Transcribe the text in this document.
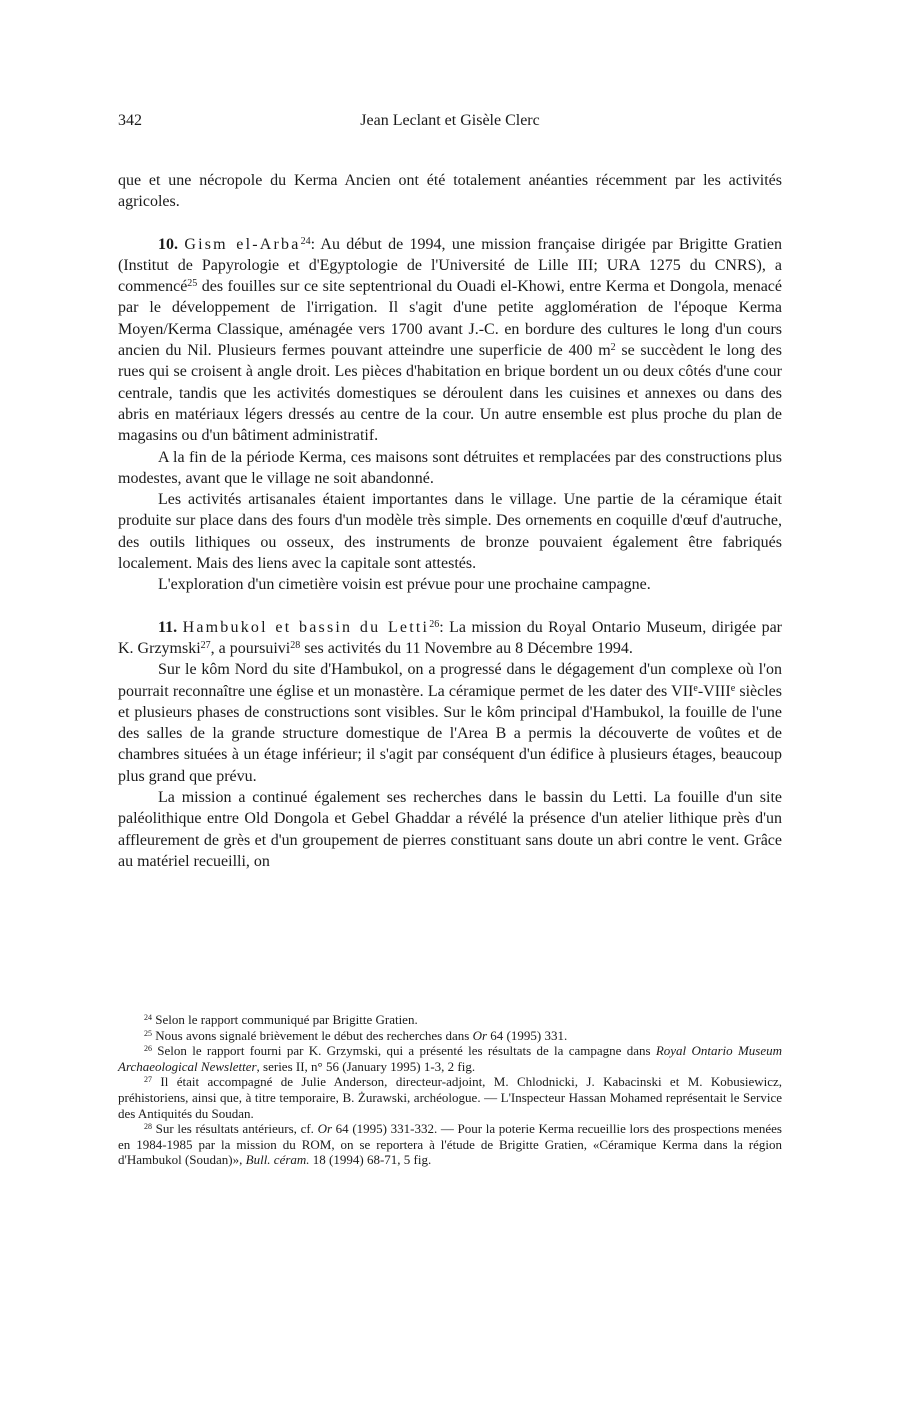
342	Jean Leclant et Gisèle Clerc

que et une nécropole du Kerma Ancien ont été totalement anéanties récemment par les activités agricoles.

10. Gism el-Arba$^{24}$: Au début de 1994, une mission française dirigée par Brigitte Gratien (Institut de Papyrologie et d'Egyptologie de l'Université de Lille III; URA 1275 du CNRS), a commencé$^{25}$ des fouilles sur ce site septentrional du Ouadi el-Khowi, entre Kerma et Dongola, menacé par le développement de l'irrigation. Il s'agit d'une petite agglomération de l'époque Kerma Moyen/Kerma Classique, aménagée vers 1700 avant J.-C. en bordure des cultures le long d'un cours ancien du Nil. Plusieurs fermes pouvant atteindre une superficie de 400 $m^2$ se succèdent le long des rues qui se croisent à angle droit. Les pièces d'habitation en brique bordent un ou deux côtés d'une cour centrale, tandis que les activités domestiques se déroulent dans les cuisines et annexes ou dans des abris en matériaux légers dressés au centre de la cour. Un autre ensemble est plus proche du plan de magasins ou d'un bâtiment administratif.

A la fin de la période Kerma, ces maisons sont détruites et remplacées par des constructions plus modestes, avant que le village ne soit abandonné.

Les activités artisanales étaient importantes dans le village. Une partie de la céramique était produite sur place dans des fours d'un modèle très simple. Des ornements en coquille d'œuf d'autruche, des outils lithiques ou osseux, des instruments de bronze pouvaient également être fabriqués localement. Mais des liens avec la capitale sont attestés.

L'exploration d'un cimetière voisin est prévue pour une prochaine campagne.

11. Hambukol et bassin du Letti$^{26}$: La mission du Royal Ontario Museum, dirigée par K. Grzymski$^{27}$, a poursuivi$^{28}$ ses activités du 11 Novembre au 8 Décembre 1994.

Sur le kôm Nord du site d'Hambukol, on a progressé dans le dégagement d'un complexe où l'on pourrait reconnaître une église et un monastère. La céramique permet de les dater des VIIe-VIIIe siècles et plusieurs phases de constructions sont visibles. Sur le kôm principal d'Hambukol, la fouille de l'une des salles de la grande structure domestique de l'Area B a permis la découverte de voûtes et de chambres situées à un étage inférieur; il s'agit par conséquent d'un édifice à plusieurs étages, beaucoup plus grand que prévu.

La mission a continué également ses recherches dans le bassin du Letti. La fouille d'un site paléolithique entre Old Dongola et Gebel Ghaddar a révélé la présence d'un atelier lithique près d'un affleurement de grès et d'un groupement de pierres constituant sans doute un abri contre le vent. Grâce au matériel recueilli, on

$^{24}$ Selon le rapport communiqué par Brigitte Gratien.

$^{25}$ Nous avons signalé brièvement le début des recherches dans Or 64 (1995) 331.

$^{26}$ Selon le rapport fourni par K. Grzymski, qui a présenté les résultats de la campagne dans Royal Ontario Museum Archaeological Newsletter, series II, n° 56 (January 1995) 1-3, 2 fig.

$^{27}$ Il était accompagné de Julie Anderson, directeur-adjoint, M. Chlodnicki, J. Kabacinski et M. Kobusiewicz, préhistoriens, ainsi que, à titre temporaire, B. Żurawski, archéologue. — L'Inspecteur Hassan Mohamed représentait le Service des Antiquités du Soudan.

$^{28}$ Sur les résultats antérieurs, cf. Or 64 (1995) 331-332. — Pour la poterie Kerma recueillie lors des prospections menées en 1984-1985 par la mission du ROM, on se reportera à l'étude de Brigitte Gratien, «Céramique Kerma dans la région d'Hambukol (Soudan)», Bull. céram. 18 (1994) 68-71, 5 fig.
